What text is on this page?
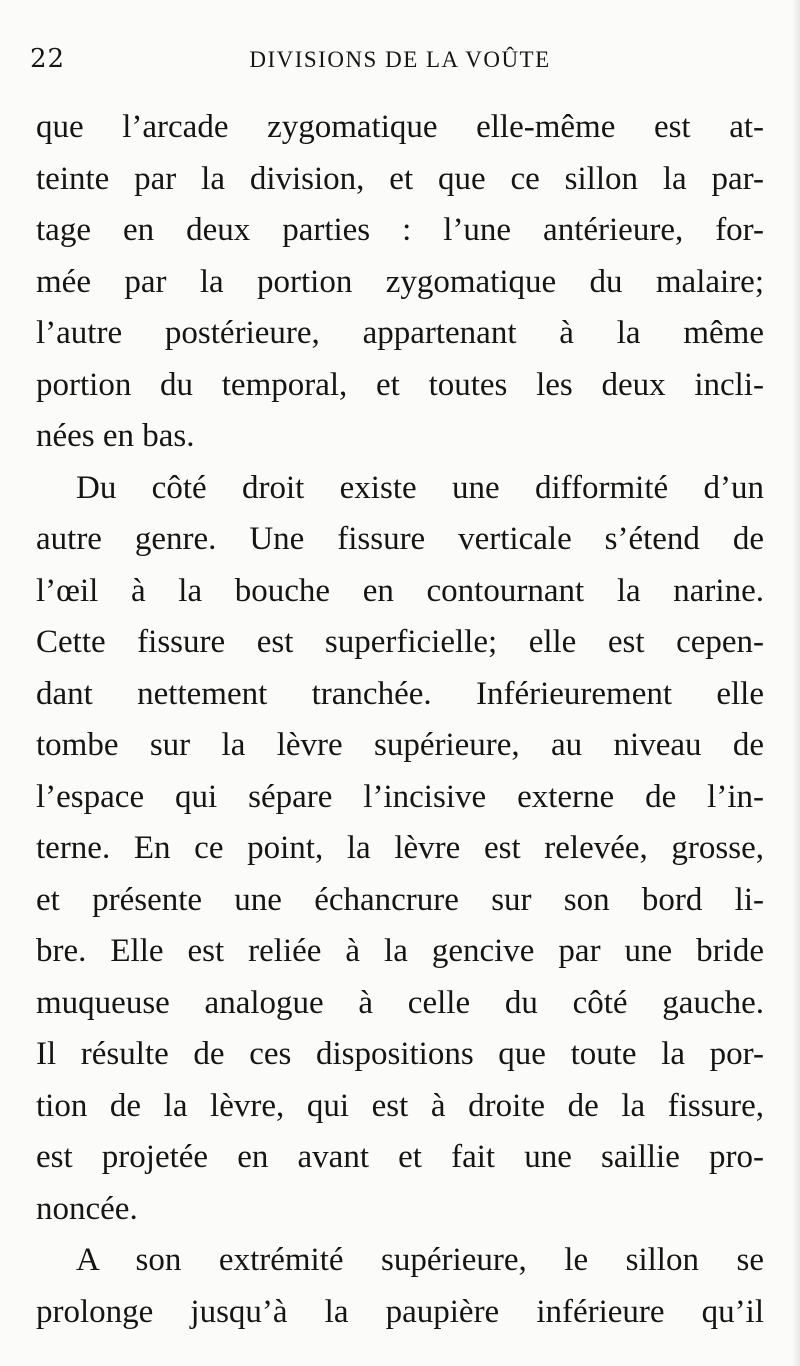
22	DIVISIONS DE LA VOÛTE
que l’arcade zygomatique elle-même est at-
teinte par la division, et que ce sillon la par-
tage en deux parties : l’une antérieure, for-
mée par la portion zygomatique du malaire;
l’autre postérieure, appartenant à la même
portion du temporal, et toutes les deux incli-
nées en bas.
Du côté droit existe une difformité d’un
autre genre. Une fissure verticale s’étend de
l’œil à la bouche en contournant la narine.
Cette fissure est superficielle; elle est cepen-
dant nettement tranchée. Inférieurement elle
tombe sur la lèvre supérieure, au niveau de
l’espace qui sépare l’incisive externe de l’in-
terne. En ce point, la lèvre est relevée, grosse,
et présente une échancrure sur son bord li-
bre. Elle est reliée à la gencive par une bride
muqueuse analogue à celle du côté gauche.
Il résulte de ces dispositions que toute la por-
tion de la lèvre, qui est à droite de la fissure,
est projetée en avant et fait une saillie pro-
noncée.
A son extrémité supérieure, le sillon se
prolonge jusqu’à la paupière inférieure qu’il
